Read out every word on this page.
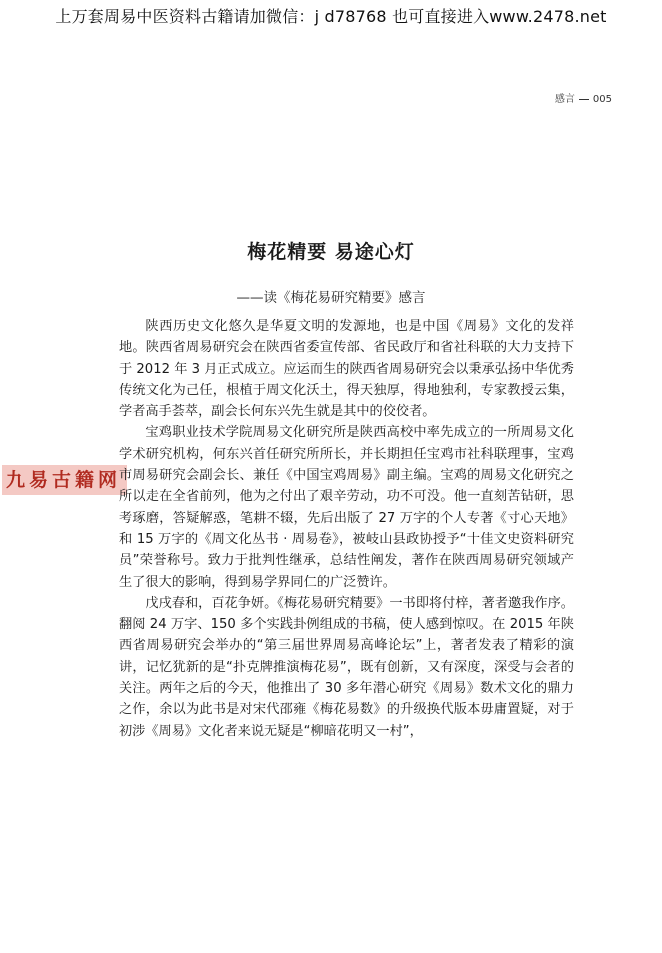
上万套周易中医资料古籍请加微信：j d78768 也可直接进入www.2478.net
感言 005
梅花精要 易途心灯
——读《梅花易研究精要》感言
九易古籍网

陕西历史文化悠久是华夏文明的发源地，也是中国《周易》文化的发祥地。陕西省周易研究会在陕西省委宣传部、省民政厅和省社科联的大力支持下于 2012 年 3 月正式成立。应运而生的陕西省周易研究会以秉承弘扬中华优秀传统文化为己任，根植于周文化沃土，得天独厚，得地独利，专家教授云集，学者高手荟萃，副会长何东兴先生就是其中的佼佼者。

宝鸡职业技术学院周易文化研究所是陕西高校中率先成立的一所周易文化学术研究机构，何东兴首任研究所所长，并长期担任宝鸡市社科联理事，宝鸡市周易研究会副会长、兼任《中国宝鸡周易》副主编。宝鸡的周易文化研究之所以走在全省前列，他为之付出了艰辛劳动，功不可没。他一直刻苦钻研，思考琢磨，答疑解惑，笔耕不辍，先后出版了 27 万字的个人专著《寸心天地》和 15 万字的《周文化丛书 · 周易卷》，被岐山县政协授予“十佳文史资料研究员”荣誉称号。致力于批判性继承，总结性阐发，著作在陕西周易研究领域产生了很大的影响，得到易学界同仁的广泛赞许。

戊戌春和，百花争妍。《梅花易研究精要》一书即将付梓，著者邀我作序。翻阅 24 万字、150 多个实践卦例组成的书稿，使人感到惊叹。在 2015 年陕西省周易研究会举办的“第三届世界周易高峰论坛”上，著者发表了精彩的演讲，记忆犹新的是“扑克牌推演梅花易”，既有创新，又有深度，深受与会者的关注。两年之后的今天，他推出了 30 多年潜心研究《周易》数术文化的鼎力之作，余以为此书是对宋代邵雍《梅花易数》的升级换代版本毋庸置疑，对于初涉《周易》文化者来说无疑是“柳暗花明又一村”，
